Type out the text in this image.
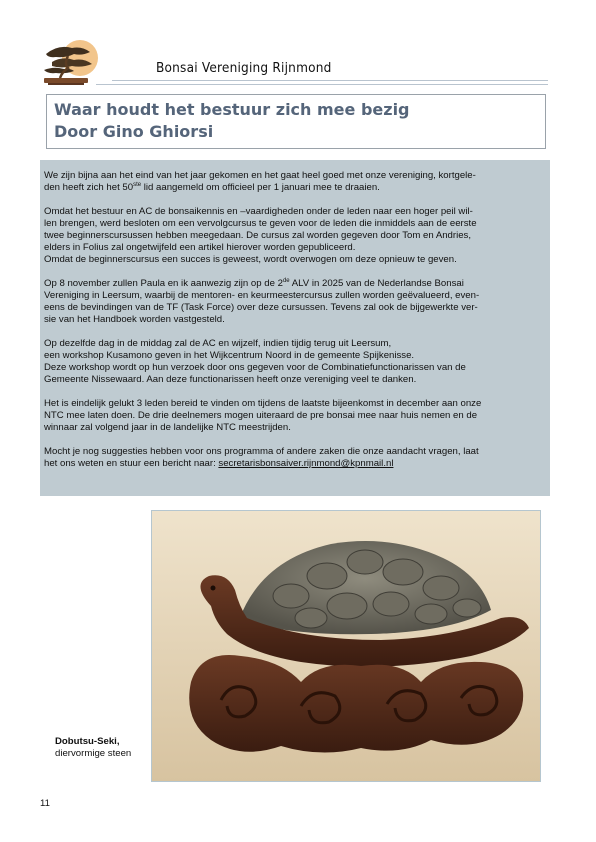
Bonsai Vereniging Rijnmond
Waar houdt het bestuur zich mee bezig
Door Gino Ghiorsi

We zijn bijna aan het eind van het jaar gekomen en het gaat heel goed met onze vereniging, kortgele-
den heeft zich het 50ste lid aangemeld om officieel per 1 januari mee te draaien.

Omdat het bestuur en AC de bonsaikennis en –vaardigheden onder de leden naar een hoger peil wil-
len brengen, werd besloten om een vervolgcursus te geven voor de leden die inmiddels aan de eerste
twee beginnerscursussen hebben meegedaan. De cursus zal worden gegeven door Tom en Andries,
elders in Folius zal ongetwijfeld een artikel hierover worden gepubliceerd.
Omdat de beginnerscursus een succes is geweest, wordt overwogen om deze opnieuw te geven.

Op 8 november zullen Paula en ik aanwezig zijn op de 2de ALV in 2025 van de Nederlandse Bonsai
Vereniging in Leersum, waarbij de mentoren- en keurmeestercursus zullen worden geëvalueerd, even-
eens de bevindingen van de TF (Task Force) over deze cursussen. Tevens zal ook de bijgewerkte ver-
sie van het Handboek worden vastgesteld.

Op dezelfde dag in de middag zal de AC en wijzelf, indien tijdig terug uit Leersum,
een workshop Kusamono geven in het Wijkcentrum Noord in de gemeente Spijkenisse.
Deze workshop wordt op hun verzoek door ons gegeven voor de Combinatiefunctionarissen van de
Gemeente Nissewaard. Aan deze functionarissen heeft onze vereniging veel te danken.

Het is eindelijk gelukt 3 leden bereid te vinden om tijdens de laatste bijeenkomst in december aan onze
NTC mee laten doen. De drie deelnemers mogen uiteraard de pre bonsai mee naar huis nemen en de
winnaar zal volgend jaar in de landelijke NTC meestrijden.

Mocht je nog suggesties hebben voor ons programma of andere zaken die onze aandacht vragen, laat
het ons weten en stuur een bericht naar: secretarisbonsaiver.rijnmond@kpnmail.nl

Dobutsu-Seki,
diervormige steen
11
